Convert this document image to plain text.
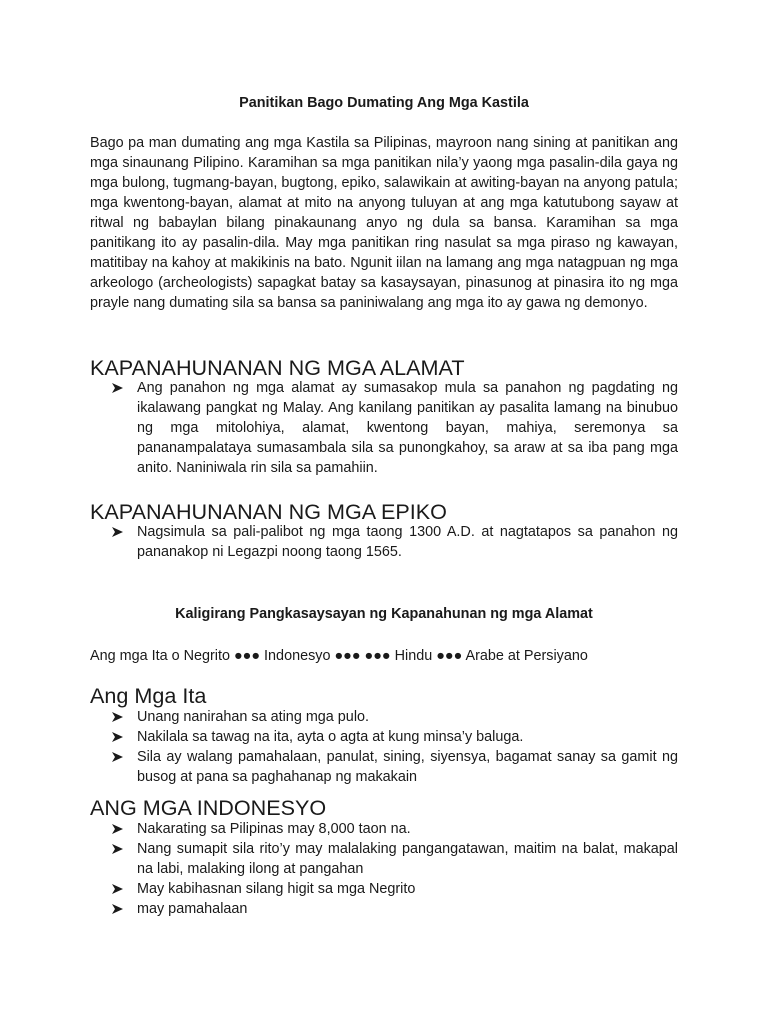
Panitikan Bago Dumating Ang Mga Kastila

Bago pa man dumating ang mga Kastila sa Pilipinas, mayroon nang sining at panitikan ang mga sinaunang Pilipino. Karamihan sa mga panitikan nila’y yaong mga pasalin-dila gaya ng mga bulong, tugmang-bayan, bugtong, epiko, salawikain at awiting-bayan na anyong patula; mga kwentong-bayan, alamat at mito na anyong tuluyan at ang mga katutubong sayaw at ritwal ng babaylan bilang pinakaunang anyo ng dula sa bansa. Karamihan sa mga panitikang ito ay pasalin-dila. May mga panitikan ring nasulat sa mga piraso ng kawayan, matitibay na kahoy at makikinis na bato. Ngunit iilan na lamang ang mga natagpuan ng mga arkeologo (archeologists) sapagkat batay sa kasaysayan, pinasunog at pinasira ito ng mga prayle nang dumating sila sa bansa sa paniniwalang ang mga ito ay gawa ng demonyo.

KAPANAHUNANAN NG MGA ALAMAT
Ang panahon ng mga alamat ay sumasakop mula sa panahon ng pagdating ng ikalawang pangkat ng Malay. Ang kanilang panitikan ay pasalita lamang na binubuo ng mga mitolohiya, alamat, kwentong bayan, mahiya, seremonya sa pananampalataya sumasambala sila sa punongkahoy, sa araw at sa iba pang mga anito. Naniniwala rin sila sa pamahiin.
KAPANAHUNANAN NG MGA EPIKO
Nagsimula sa pali-palibot ng mga taong 1300 A.D. at nagtatapos sa panahon ng pananakop ni Legazpi noong taong 1565.
Kaligirang Pangkasaysayan ng Kapanahunan ng mga Alamat

Ang mga Ita o Negrito ●●● Indonesyo ●●● ●●● Hindu ●●● Arabe at Persiyano

Ang Mga Ita
Unang nanirahan sa ating mga pulo.
Nakilala sa tawag na ita, ayta o agta at kung minsa’y baluga.
Sila ay walang pamahalaan, panulat, sining, siyensya, bagamat sanay sa gamit ng busog at pana sa paghahanap ng makakain
ANG MGA INDONESYO
Nakarating sa Pilipinas may 8,000 taon na.
Nang sumapit sila rito’y may malalaking pangangatawan, maitim na balat, makapal na labi, malaking ilong at pangahan
May kabihasnan silang higit sa mga Negrito
may pamahalaan
